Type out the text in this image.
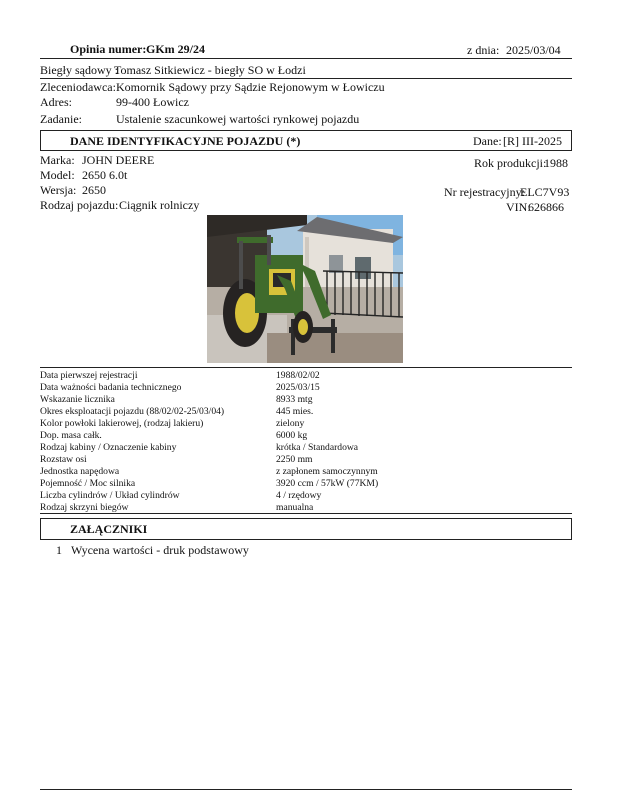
Opinia numer: GKm 29/24	z dnia: 2025/03/04
Biegły sądowy :
Tomasz Sitkiewicz - biegły SO w Łodzi
Zleceniodawca: Komornik Sądowy przy Sądzie Rejonowym w Łowiczu
Adres:	99-400 Łowicz
Zadanie:	Ustalenie szacunkowej wartości rynkowej pojazdu
DANE IDENTYFIKACYJNE POJAZDU (*)	Dane: [R] III-2025
Marka: JOHN DEERE
Model: 2650 6.0t
Wersja: 2650
Rodzaj pojazdu: Ciągnik rolniczy
Rok produkcji:
1988
Nr rejestracyjny:
ELC7V93
VIN:
626866
Data pierwszej rejestracji	1988/02/02
Data ważności badania technicznego	2025/03/15
Wskazanie licznika	8933 mtg
Okres eksploatacji pojazdu (88/02/02-25/03/04)	445 mies.
Kolor powłoki lakierowej, (rodzaj lakieru)	zielony
Dop. masa całk.	6000 kg
Rodzaj kabiny / Oznaczenie kabiny	krótka / Standardowa
Rozstaw osi	2250 mm
Jednostka napędowa	z zapłonem samoczynnym
Pojemność / Moc silnika	3920 ccm / 57kW (77KM)
Liczba cylindrów / Układ cylindrów	4 / rzędowy
Rodzaj skrzyni biegów	manualna
ZAŁĄCZNIKI
1 Wycena wartości - druk podstawowy
